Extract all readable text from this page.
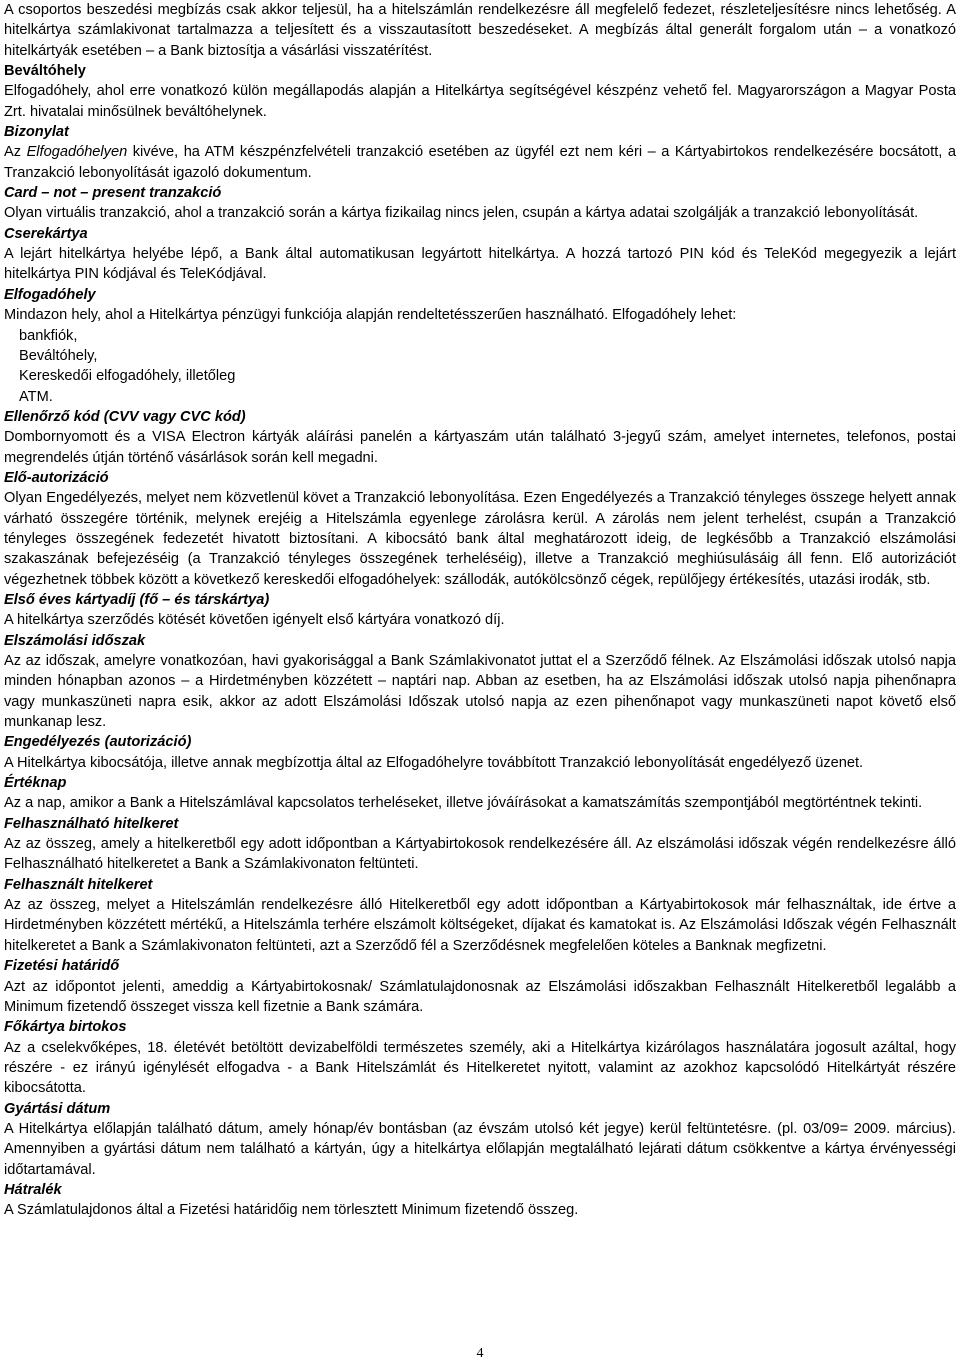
A csoportos beszedési megbízás csak akkor teljesül, ha a hitelszámlán rendelkezésre áll megfelelő fedezet, részleteljesítésre nincs lehetőség. A hitelkártya számlakivonat tartalmazza a teljesített és a visszautasított beszedéseket. A megbízás által generált forgalom után – a vonatkozó hitelkártyák esetében – a Bank biztosítja a vásárlási visszatérítést.
Beváltóhely
Elfogadóhely, ahol erre vonatkozó külön megállapodás alapján a Hitelkártya segítségével készpénz vehető fel. Magyarországon a Magyar Posta Zrt. hivatalai minősülnek beváltóhelynek.
Bizonylat
Az Elfogadóhelyen kivéve, ha ATM készpénzfelvételi tranzakció esetében az ügyfél ezt nem kéri – a Kártyabirtokos rendelkezésére bocsátott, a Tranzakció lebonyolítását igazoló dokumentum.
Card – not – present tranzakció
Olyan virtuális tranzakció, ahol a tranzakció során a kártya fizikailag nincs jelen, csupán a kártya adatai szolgálják a tranzakció lebonyolítását.
Cserekártya
A lejárt hitelkártya helyébe lépő, a Bank által automatikusan legyártott hitelkártya. A hozzá tartozó PIN kód és TeleKód megegyezik a lejárt hitelkártya PIN kódjával és TeleKódjával.
Elfogadóhely
Mindazon hely, ahol a Hitelkártya pénzügyi funkciója alapján rendeltetésszerűen használható. Elfogadóhely lehet:
bankfiók,
Beváltóhely,
Kereskedői elfogadóhely, illetőleg
ATM.
Ellenőrző kód (CVV vagy CVC kód)
Dombornyomott és a VISA Electron kártyák aláírási panelén a kártyaszám után található 3-jegyű szám, amelyet internetes, telefonos, postai megrendelés útján történő vásárlások során kell megadni.
Elő-autorizáció
Olyan Engedélyezés, melyet nem közvetlenül követ a Tranzakció lebonyolítása. Ezen Engedélyezés a Tranzakció tényleges összege helyett annak várható összegére történik, melynek erejéig a Hitelszámla egyenlege zárolásra kerül. A zárolás nem jelent terhelést, csupán a Tranzakció tényleges összegének fedezetét hivatott biztosítani. A kibocsátó bank által meghatározott ideig, de legkésőbb a Tranzakció elszámolási szakaszának befejezéséig (a Tranzakció tényleges összegének terheléséig), illetve a Tranzakció meghiúsulásáig áll fenn. Elő autorizációt végezhetnek többek között a következő kereskedői elfogadóhelyek: szállodák, autókölcsönző cégek, repülőjegy értékesítés, utazási irodák, stb.
Első éves kártyadíj (fő – és társkártya)
A hitelkártya szerződés kötését követően igényelt első kártyára vonatkozó díj.
Elszámolási időszak
Az az időszak, amelyre vonatkozóan, havi gyakorisággal a Bank Számlakivonatot juttat el a Szerződő félnek. Az Elszámolási időszak utolsó napja minden hónapban azonos – a Hirdetményben közzétett – naptári nap. Abban az esetben, ha az Elszámolási időszak utolsó napja pihenőnapra vagy munkaszüneti napra esik, akkor az adott Elszámolási Időszak utolsó napja az ezen pihenőnapot vagy munkaszüneti napot követő első munkanap lesz.
Engedélyezés (autorizáció)
A Hitelkártya kibocsátója, illetve annak megbízottja által az Elfogadóhelyre továbbított Tranzakció lebonyolítását engedélyező üzenet.
Értéknap
Az a nap, amikor a Bank a Hitelszámlával kapcsolatos terheléseket, illetve jóváírásokat a kamatszámítás szempontjából megtörténtnek tekinti.
Felhasználható hitelkeret
Az az összeg, amely a hitelkeretből egy adott időpontban a Kártyabirtokosok rendelkezésére áll. Az elszámolási időszak végén rendelkezésre álló Felhasználható hitelkeretet a Bank a Számlakivonaton feltünteti.
Felhasznált hitelkeret
Az az összeg, melyet a Hitelszámlán rendelkezésre álló Hitelkeretből egy adott időpontban a Kártyabirtokosok már felhasználtak, ide értve a Hirdetményben közzétett mértékű, a Hitelszámla terhére elszámolt költségeket, díjakat és kamatokat is. Az Elszámolási Időszak végén Felhasznált hitelkeretet a Bank a Számlakivonaton feltünteti, azt a Szerződő fél a Szerződésnek megfelelően köteles a Banknak megfizetni.
Fizetési határidő
Azt az időpontot jelenti, ameddig a Kártyabirtokosnak/ Számlatulajdonosnak az Elszámolási időszakban Felhasznált Hitelkeretből legalább a Minimum fizetendő összeget vissza kell fizetnie a Bank számára.
Főkártya birtokos
Az a cselekvőképes, 18. életévét betöltött devizabelföldi természetes személy, aki a Hitelkártya kizárólagos használatára jogosult azáltal, hogy részére - ez irányú igénylését elfogadva - a Bank Hitelszámlát és Hitelkeretet nyitott, valamint az azokhoz kapcsolódó Hitelkártyát részére kibocsátotta.
Gyártási dátum
A Hitelkártya előlapján található dátum, amely hónap/év bontásban (az évszám utolsó két jegye) kerül feltüntetésre. (pl. 03/09= 2009. március). Amennyiben a gyártási dátum nem található a kártyán, úgy a hitelkártya előlapján megtalálható lejárati dátum csökkentve a kártya érvényességi időtartamával.
Hátralék
A Számlatulajdonos által a Fizetési határidőig nem törlesztett Minimum fizetendő összeg.
4
